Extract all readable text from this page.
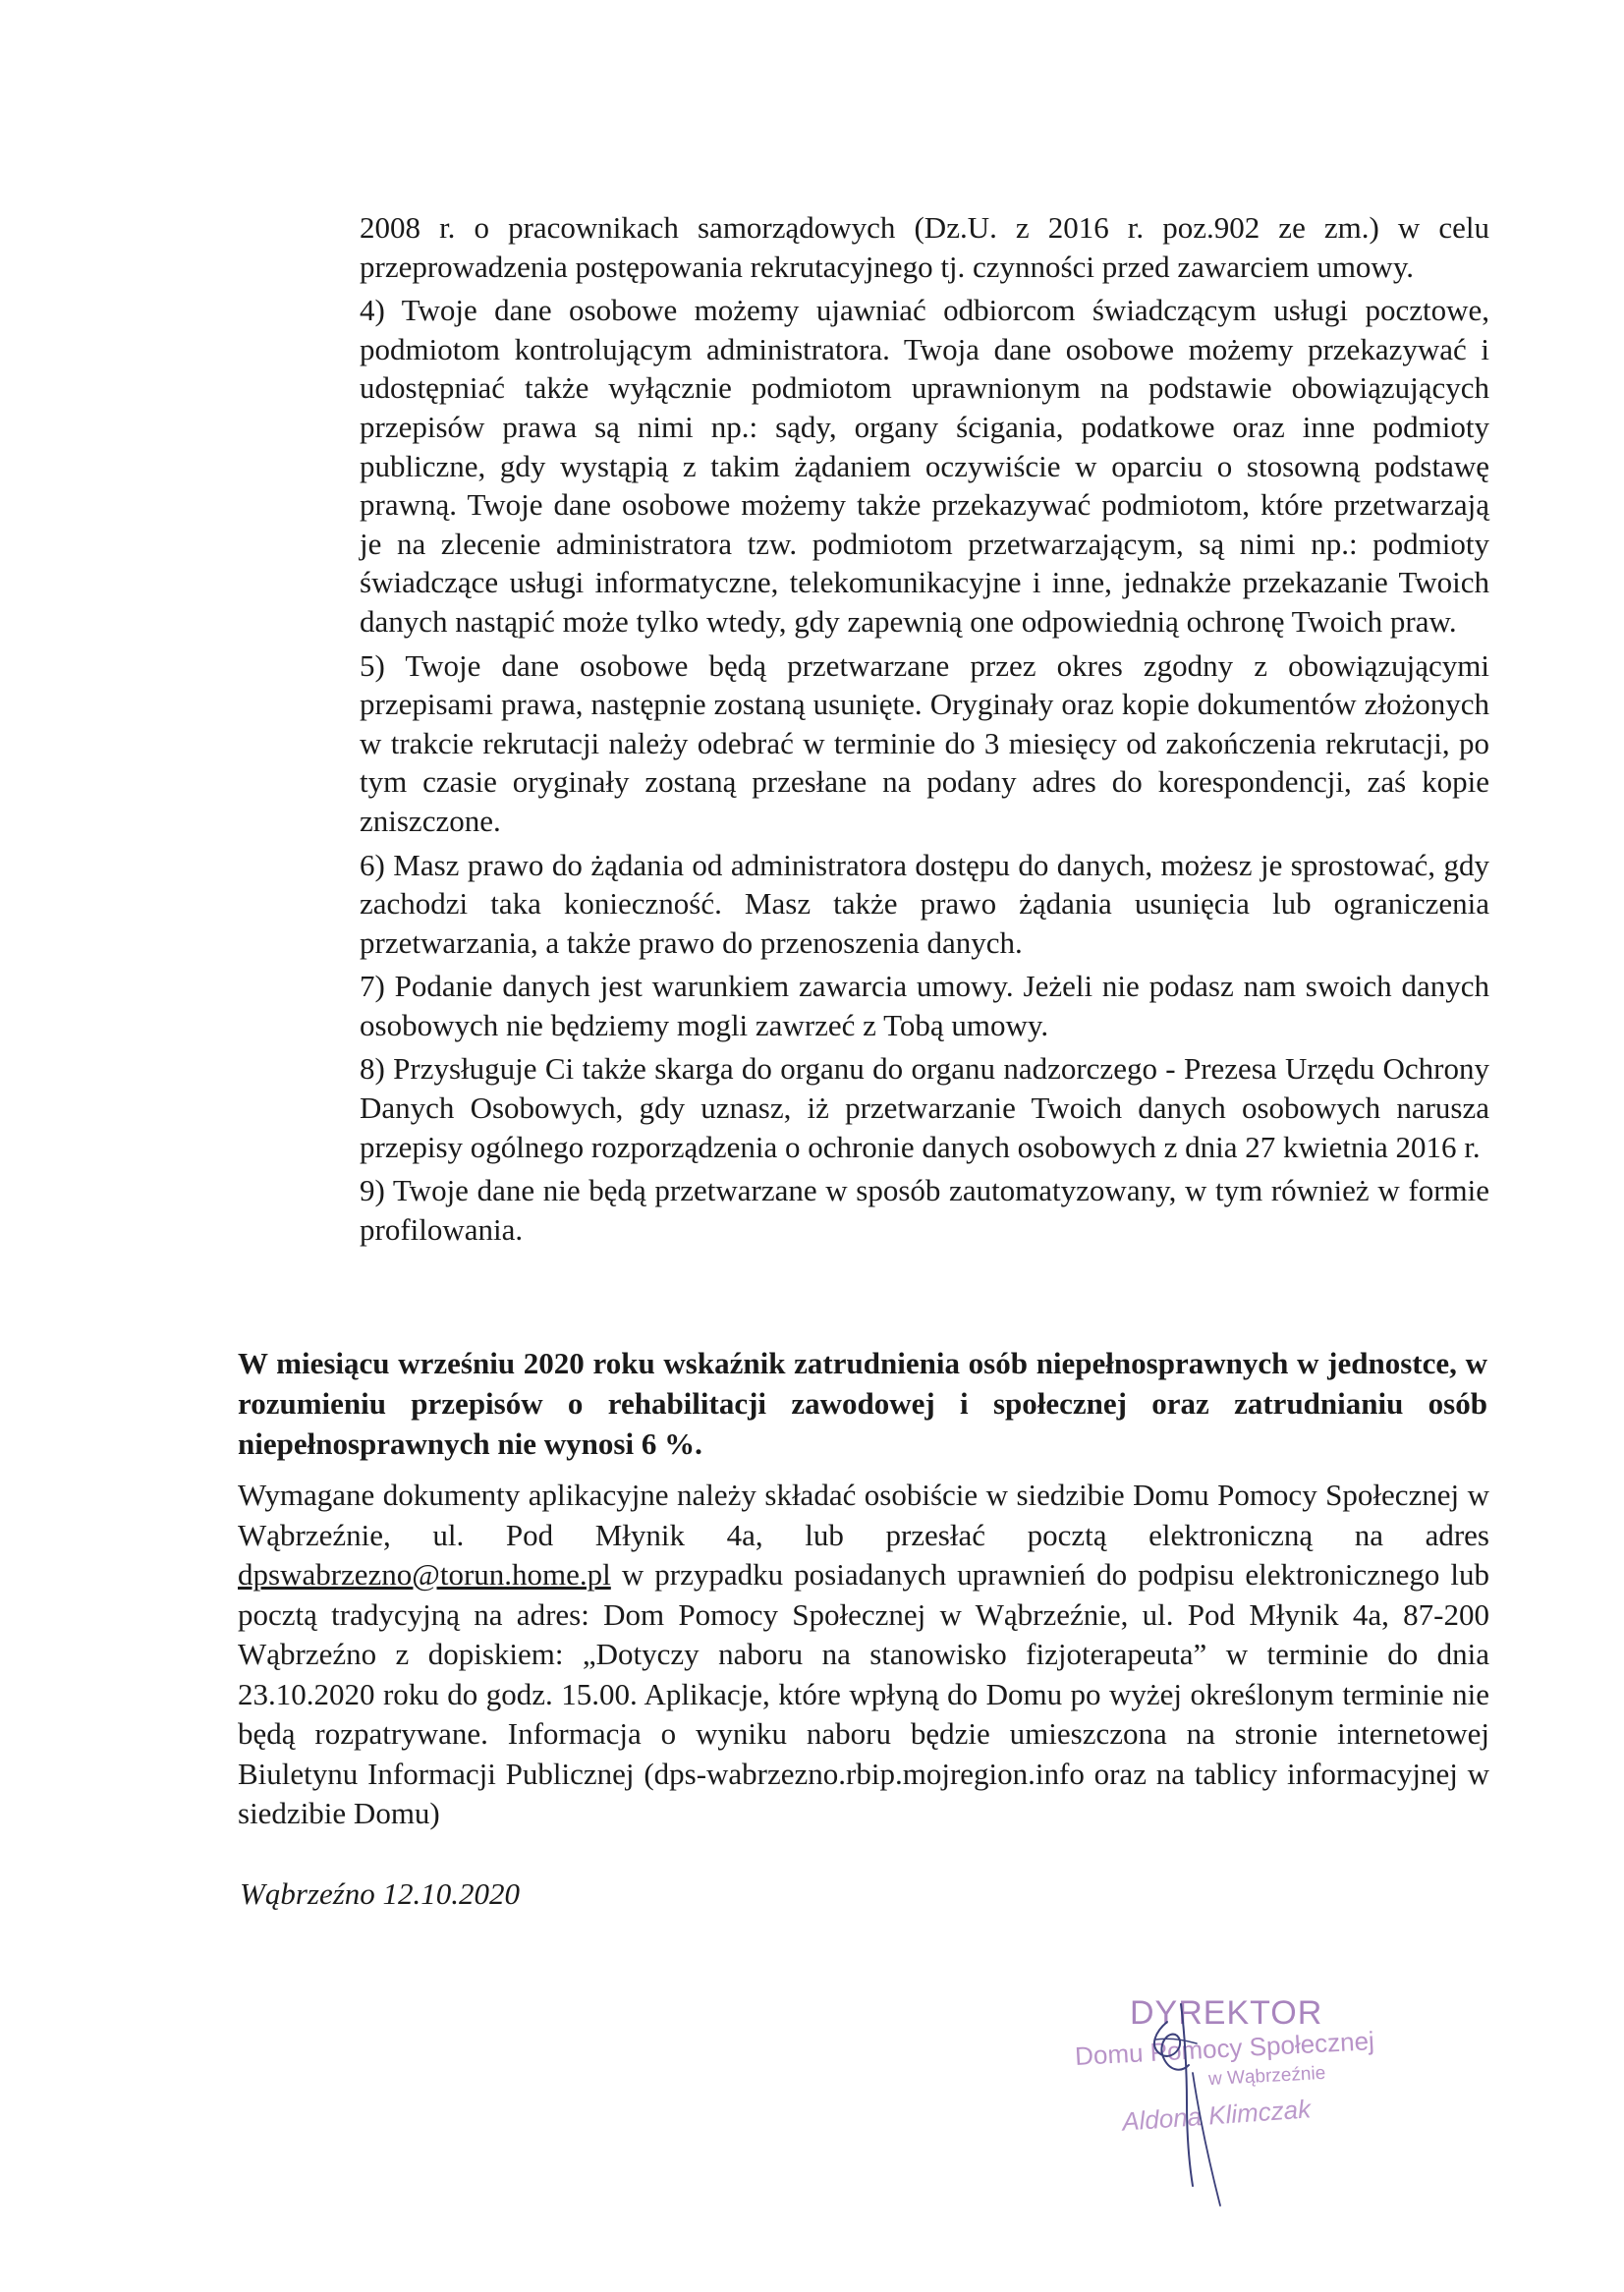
2008 r. o pracownikach samorządowych (Dz.U. z 2016 r. poz.902 ze zm.) w celu przeprowadzenia postępowania rekrutacyjnego tj. czynności przed zawarciem umowy.

4) Twoje dane osobowe możemy ujawniać odbiorcom świadczącym usługi pocztowe, podmiotom kontrolującym administratora. Twoja dane osobowe możemy przekazywać i udostępniać także wyłącznie podmiotom uprawnionym na podstawie obowiązujących przepisów prawa są nimi np.: sądy, organy ścigania, podatkowe oraz inne podmioty publiczne, gdy wystąpią z takim żądaniem oczywiście w oparciu o stosowną podstawę prawną. Twoje dane osobowe możemy także przekazywać podmiotom, które przetwarzają je na zlecenie administratora tzw. podmiotom przetwarzającym, są nimi np.: podmioty świadczące usługi informatyczne, telekomunikacyjne i inne, jednakże przekazanie Twoich danych nastąpić może tylko wtedy, gdy zapewnią one odpowiednią ochronę Twoich praw.

5) Twoje dane osobowe będą przetwarzane przez okres zgodny z obowiązującymi przepisami prawa, następnie zostaną usunięte. Oryginały oraz kopie dokumentów złożonych w trakcie rekrutacji należy odebrać w terminie do 3 miesięcy od zakończenia rekrutacji, po tym czasie oryginały zostaną przesłane na podany adres do korespondencji, zaś kopie zniszczone.

6) Masz prawo do żądania od administratora dostępu do danych, możesz je sprostować, gdy zachodzi taka konieczność. Masz także prawo żądania usunięcia lub ograniczenia przetwarzania, a także prawo do przenoszenia danych.

7) Podanie danych jest warunkiem zawarcia umowy. Jeżeli nie podasz nam swoich danych osobowych nie będziemy mogli zawrzeć z Tobą umowy.

8) Przysługuje Ci także skarga do organu do organu nadzorczego - Prezesa Urzędu Ochrony Danych Osobowych, gdy uznasz, iż przetwarzanie Twoich danych osobowych narusza przepisy ogólnego rozporządzenia o ochronie danych osobowych z dnia 27 kwietnia 2016 r.

9) Twoje dane nie będą przetwarzane w sposób zautomatyzowany, w tym również w formie profilowania.

W miesiącu wrześniu 2020 roku wskaźnik zatrudnienia osób niepełnosprawnych w jednostce, w rozumieniu przepisów o rehabilitacji zawodowej i społecznej oraz zatrudnianiu osób niepełnosprawnych nie wynosi 6 %.
Wymagane dokumenty aplikacyjne należy składać osobiście w siedzibie Domu Pomocy Społecznej w Wąbrzeźnie, ul. Pod Młynik 4a, lub przesłać pocztą elektroniczną na adres dpswabrzezno@torun.home.pl w przypadku posiadanych uprawnień do podpisu elektronicznego lub pocztą tradycyjną na adres: Dom Pomocy Społecznej w Wąbrzeźnie, ul. Pod Młynik 4a, 87-200 Wąbrzeźno z dopiskiem: „Dotyczy naboru na stanowisko fizjoterapeuta” w terminie do dnia 23.10.2020 roku do godz. 15.00. Aplikacje, które wpłyną do Domu po wyżej określonym terminie nie będą rozpatrywane. Informacja o wyniku naboru będzie umieszczona na stronie internetowej Biuletynu Informacji Publicznej (dps-wabrzezno.rbip.mojregion.info oraz na tablicy informacyjnej w siedzibie Domu)
Wąbrzeźno 12.10.2020
DYREKTOR
Domu Pomocy Społecznej
w Wąbrzeźnie
Aldona Klimczak
